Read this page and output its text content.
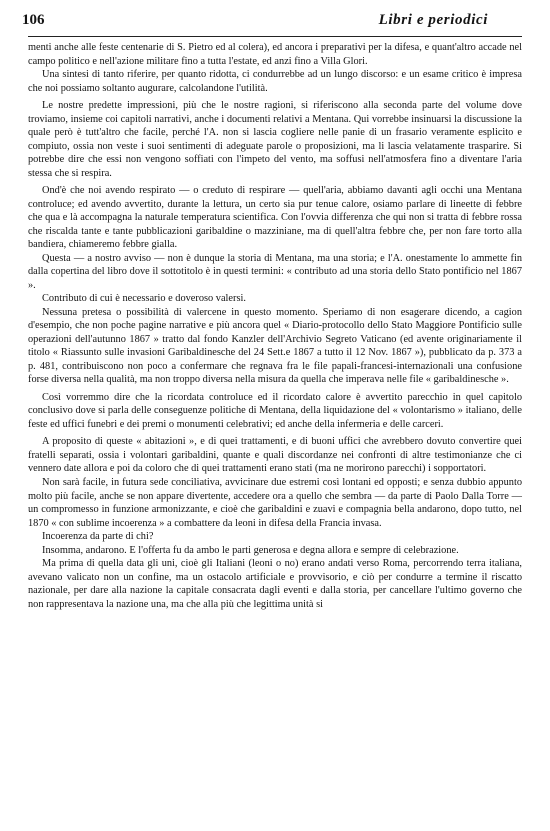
106	Libri e periodici

menti anche alle feste centenarie di S. Pietro ed al colera), ed ancora i preparativi per la difesa, e quant'altro accade nel campo politico e nell'azione militare fino a tutta l'estate, ed anzi fino a Villa Glori.

Una sintesi di tanto riferire, per quanto ridotta, ci condurrebbe ad un lungo discorso: e un esame critico è impresa che noi possiamo soltanto augurare, calcolandone l'utilità.

Le nostre predette impressioni, più che le nostre ragioni, si riferiscono alla seconda parte del volume dove troviamo, insieme coi capitoli narrativi, anche i documenti relativi a Mentana. Qui vorrebbe insinuarsi la discussione la quale però è tutt'altro che facile, perché l'A. non si lascia cogliere nelle panie di un frasario veramente esplicito e compiuto, ossia non veste i suoi sentimenti di adeguate parole o proposizioni, ma li lascia velatamente trasparire. Si potrebbe dire che essi non vengono soffiati con l'impeto del vento, ma soffusi nell'atmosfera fino a diventare l'aria stessa che si respira.

Ond'è che noi avendo respirato — o creduto di respirare — quell'aria, abbiamo davanti agli occhi una Mentana controluce; ed avendo avvertito, durante la lettura, un certo sia pur tenue calore, osiamo parlare di lineette di febbre che qua e là accompagna la naturale temperatura scientifica. Con l'ovvia differenza che qui non si tratta di febbre rossa che riscalda tante e tante pubblicazioni garibaldine o mazziniane, ma di quell'altra febbre che, per non farе torto alla bandiera, chiameremo febbre gialla.

Questa — a nostro avviso — non è dunque la storia di Mentana, ma una storia; e l'A. onestamente lo ammette fin dalla copertina del libro dove il sottotitolo è in questi termini: « contributo ad una storia dello Stato pontificio nel 1867 ».

Contributo di cui è necessario e doveroso valersi.

Nessuna pretesa o possibilità di valercene in questo momento. Speriamo di non esagerare dicendo, a cagion d'esempio, che non poche pagine narrative e più ancora quel « Diario-protocollo dello Stato Maggiore Pontificio sulle operazioni dell'autunno 1867 » tratto dal fondo Kanzler dell'Archivio Segreto Vaticano (ed avente originariamente il titolo « Riassunto sulle invasioni Garibaldinesche del 24 Sett.e 1867 a tutto il 12 Nov. 1867 »), pubblicato da p. 373 a p. 481, contribuiscono non poco a confermare che regnava fra le file papali-francesi-internazionali una confusione forse diversa nella qualità, ma non troppo diversa nella misura da quella che imperava nelle file « garibaldinesche ».

Così vorremmo dire che la ricordata controluce ed il ricordato calore è avvertito parecchio in quel capitolo conclusivo dove si parla delle conseguenze politiche di Mentana, della liquidazione del « volontarismo » italiano, delle feste ed uffici funebri e dei premi o monumenti celebrativi; ed anche della infermeria e delle carceri.

A proposito di queste « abitazioni », e di quei trattamenti, e di buoni uffici che avrebbero dovuto convertire quei fratelli separati, ossia i volontari garibaldini, quante e quali discordanze nei confronti di altre testimonianze che ci vennero date allora e poi da coloro che di quei trattamenti erano stati (ma ne morirono parecchi) i sopportatori.

Non sarà facile, in futura sede conciliativa, avvicinare due estremi così lontani ed opposti; e senza dubbio appunto molto più facile, anche se non appare divertente, accedere ora a quello che sembra — da parte di Paolo Dalla Torre — un compromesso in funzione armonizzante, e cioè che garibaldini e zuavi e compagnia bella andarono, dopo tutto, nel 1870 « con sublime incoerenza » a combattere da leoni in difesa della Francia invasa.

Incoerenza da parte di chi?

Insomma, andarono. E l'offerta fu da ambo le parti generosa e degna allora e sempre di celebrazione.

Ma prima di quella data gli uni, cioè gli Italiani (leoni o no) erano andati verso Roma, percorrendo terra italiana, avevano valicato non un confine, ma un ostacolo artificiale e provvisorio, e ciò per condurre a termine il riscatto nazionale, per dare alla nazione la capitale consacrata dagli eventi e dalla storia, per cancellare l'ultimo governo che non rappresentava la nazione una, ma che alla più che legittima unità si
